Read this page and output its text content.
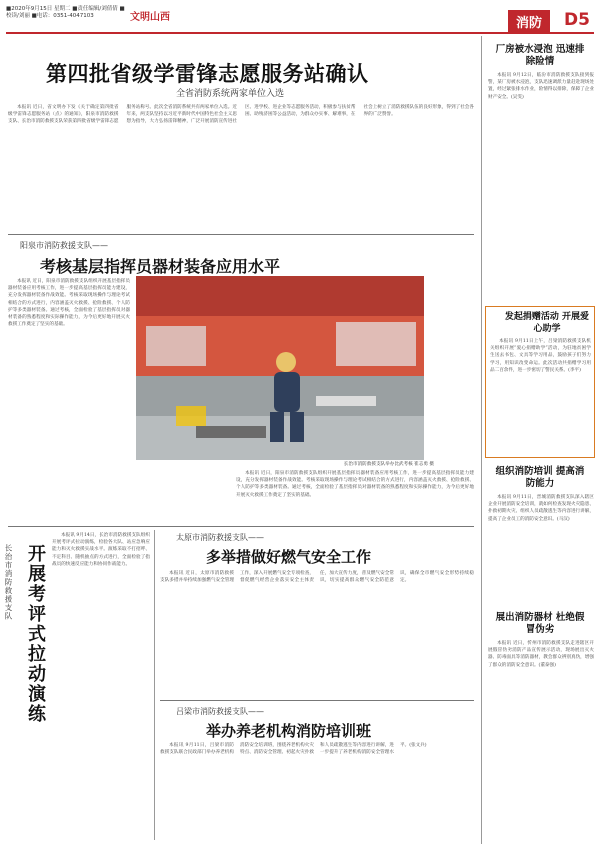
■2020年9月15日 星期二 ■责任编辑/刘倩倩 ■校读/刘丽 ■电话：0351-4047103	文明山西	消防	D5
第四批省级学雷锋志愿服务站确认
全省消防系统两家单位入选

本报讯 近日，省文明办下发《关于确定第四批省级学雷锋志愿服务站（点）的通知》，阳泉市消防救援支队、长治市消防救援支队荣获第四批省级学雷锋志愿服务站称号。此次全省消防系统共有两家单位入选。近年来，两支队坚持以习近平新时代中国特色社会主义思想为指导，大力弘扬雷锋精神，广泛开展消防宣传进社区、进学校、进企业等志愿服务活动，积极参与扶贫帮困、助残济困等公益活动，为群众办实事、解难事，在社会上树立了消防救援队伍的良好形象，得到了社会各界的广泛赞誉。

阳泉市消防救援支队——
考核基层指挥员器材装备应用水平

本报讯 近日，阳泉市消防救援支队组织开展基层指挥员器材装备应用考核工作，进一步提高基层指挥员能力建设，充分发挥器材装备作战效能。考核采取现场操作与理论考试相结合的方式进行，内容涵盖灭火救援、抢险救援、个人防护等多类器材装备。通过考核，全面检验了基层指挥员对器材装备的熟悉程度和实际操作能力，为今后更好地开展灭火救援工作奠定了坚实的基础。

长治市消防救援支队举办比武考核 崔志勇 摄

本报讯 近日，阳泉市消防救援支队组织开展基层指挥员器材装备应用考核工作，进一步提高基层指挥员能力建设，充分发挥器材装备作战效能。考核采取现场操作与理论考试相结合的方式进行，内容涵盖灭火救援、抢险救援、个人防护等多类器材装备。通过考核，全面检验了基层指挥员对器材装备的熟悉程度和实际操作能力，为今后更好地开展灭火救援工作奠定了坚实的基础。

长治市消防救援支队 开展考评式拉动演练

本报讯 9月14日，长治市消防救援支队组织开展考评式拉动演练，检验各大队、站应急响应能力和灭火救援实战水平。演练采取不打招呼、不定科目、随机抽点的方式进行，全面检验了指战员的快速反应能力和协同作战能力。

太原市消防救援支队——
多举措做好燃气安全工作

本报讯 近日，太原市消防救援支队多措并举持续加强燃气安全管理工作，深入开展燃气安全专项检查，督促燃气经营企业落实安全主体责任，加大宣传力度，普及燃气安全常识，切实提高群众燃气安全防范意识，确保全市燃气安全形势持续稳定。

吕梁市消防救援支队——
举办养老机构消防培训班

本报讯 9月11日，吕梁市消防救援支队联合民政部门举办养老机构消防安全培训班，围绕养老机构火灾特点、消防安全管理、初起火灾扑救和人员疏散逃生等内容进行讲解，进一步提升了养老机构消防安全管理水平。(张文兵)

厂房被水浸泡 迅速排除险情

本报讯 9月12日，临汾市消防救援支队接到报警，某厂房被水浸泡，支队迅速调派力量赶赴现场处置，经过紧张排水作业，险情得以排除，保障了企业财产安全。(吴雯)

发起捐赠活动 开展爱心助学

本报讯 9月11日上午，吕梁消防救援支队机关组织开展“爱心捐赠助学”活动，为驻地贫困学生送去书包、文具等学习用品，鼓励孩子们努力学习，用知识改变命运。此次活动共捐赠学习用品二百余件，进一步密切了警民关系。(李平)

组织消防培训 提高消防能力

本报讯 9月11日，晋城消防救援支队深入辖区企业开展消防安全培训，就如何检查发现火灾隐患、扑救初期火灾、组织人员疏散逃生等内容进行讲解，提高了企业员工的消防安全意识。(马汉)

展出消防器材 杜绝假冒伪劣

本报讯 近日，忻州市消防救援支队走进辖区开展假冒伪劣消防产品宣传展示活动，现场展出灭火器、防毒面具等消防器材，教会群众辨别真伪，增强了群众的消防安全意识。(董泰强)
